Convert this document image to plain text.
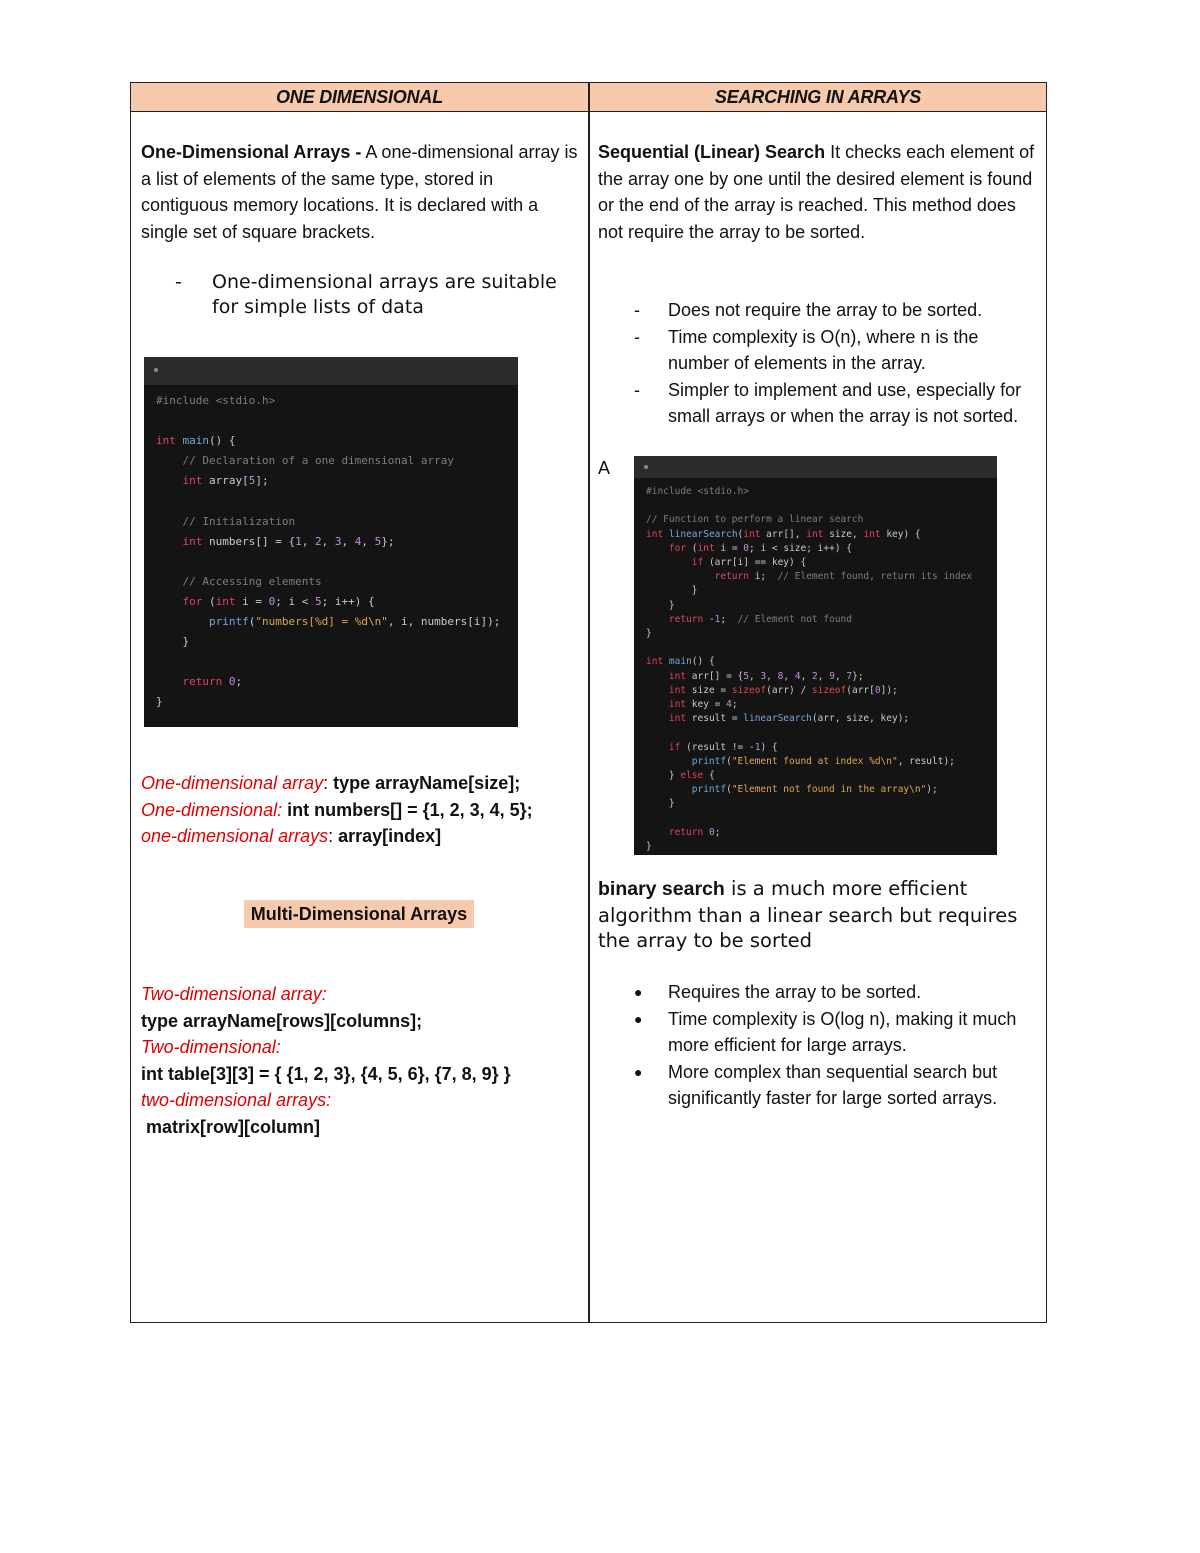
ONE DIMENSIONAL	SEARCHING IN ARRAYS
One-Dimensional Arrays - A one-dimensional array is a list of elements of the same type, stored in contiguous memory locations. It is declared with a single set of square brackets.
-	One-dimensional arrays are suitable for simple lists of data
#include <stdio.h>

int main() {
// Declaration of a one dimensional array
int array[5];

// Initialization
int numbers[] = {1, 2, 3, 4, 5};

// Accessing elements
for (int i = 0; i < 5; i++) {
printf("numbers[%d] = %d\n", i, numbers[i]);
}

return 0;
}
One-dimensional array: type arrayName[size];
One-dimensional: int numbers[] = {1, 2, 3, 4, 5};
one-dimensional arrays: array[index]
Multi-Dimensional Arrays
Two-dimensional array:
type arrayName[rows][columns];
Two-dimensional:
int table[3][3] = { {1, 2, 3}, {4, 5, 6}, {7, 8, 9} }
two-dimensional arrays:
matrix[row][column]
Sequential (Linear) Search It checks each element of the array one by one until the desired element is found or the end of the array is reached. This method does not require the array to be sorted.
- Does not require the array to be sorted.
- Time complexity is O(n), where n is the number of elements in the array.
- Simpler to implement and use, especially for small arrays or when the array is not sorted.
A
#include <stdio.h>

// Function to perform a linear search
int linearSearch(int arr[], int size, int key) {
for (int i = 0; i < size; i++) {
if (arr[i] == key) {
return i;  // Element found, return its index
}
}
return -1;  // Element not found
}

int main() {
int arr[] = {5, 3, 8, 4, 2, 9, 7};
int size = sizeof(arr) / sizeof(arr[0]);
int key = 4;
int result = linearSearch(arr, size, key);

if (result != -1) {
printf("Element found at index %d\n", result);
} else {
printf("Element not found in the array\n");
}

return 0;
}
binary search is a much more efficient algorithm than a linear search but requires the array to be sorted
● Requires the array to be sorted.
● Time complexity is O(log n), making it much more efficient for large arrays.
● More complex than sequential search but significantly faster for large sorted arrays.
